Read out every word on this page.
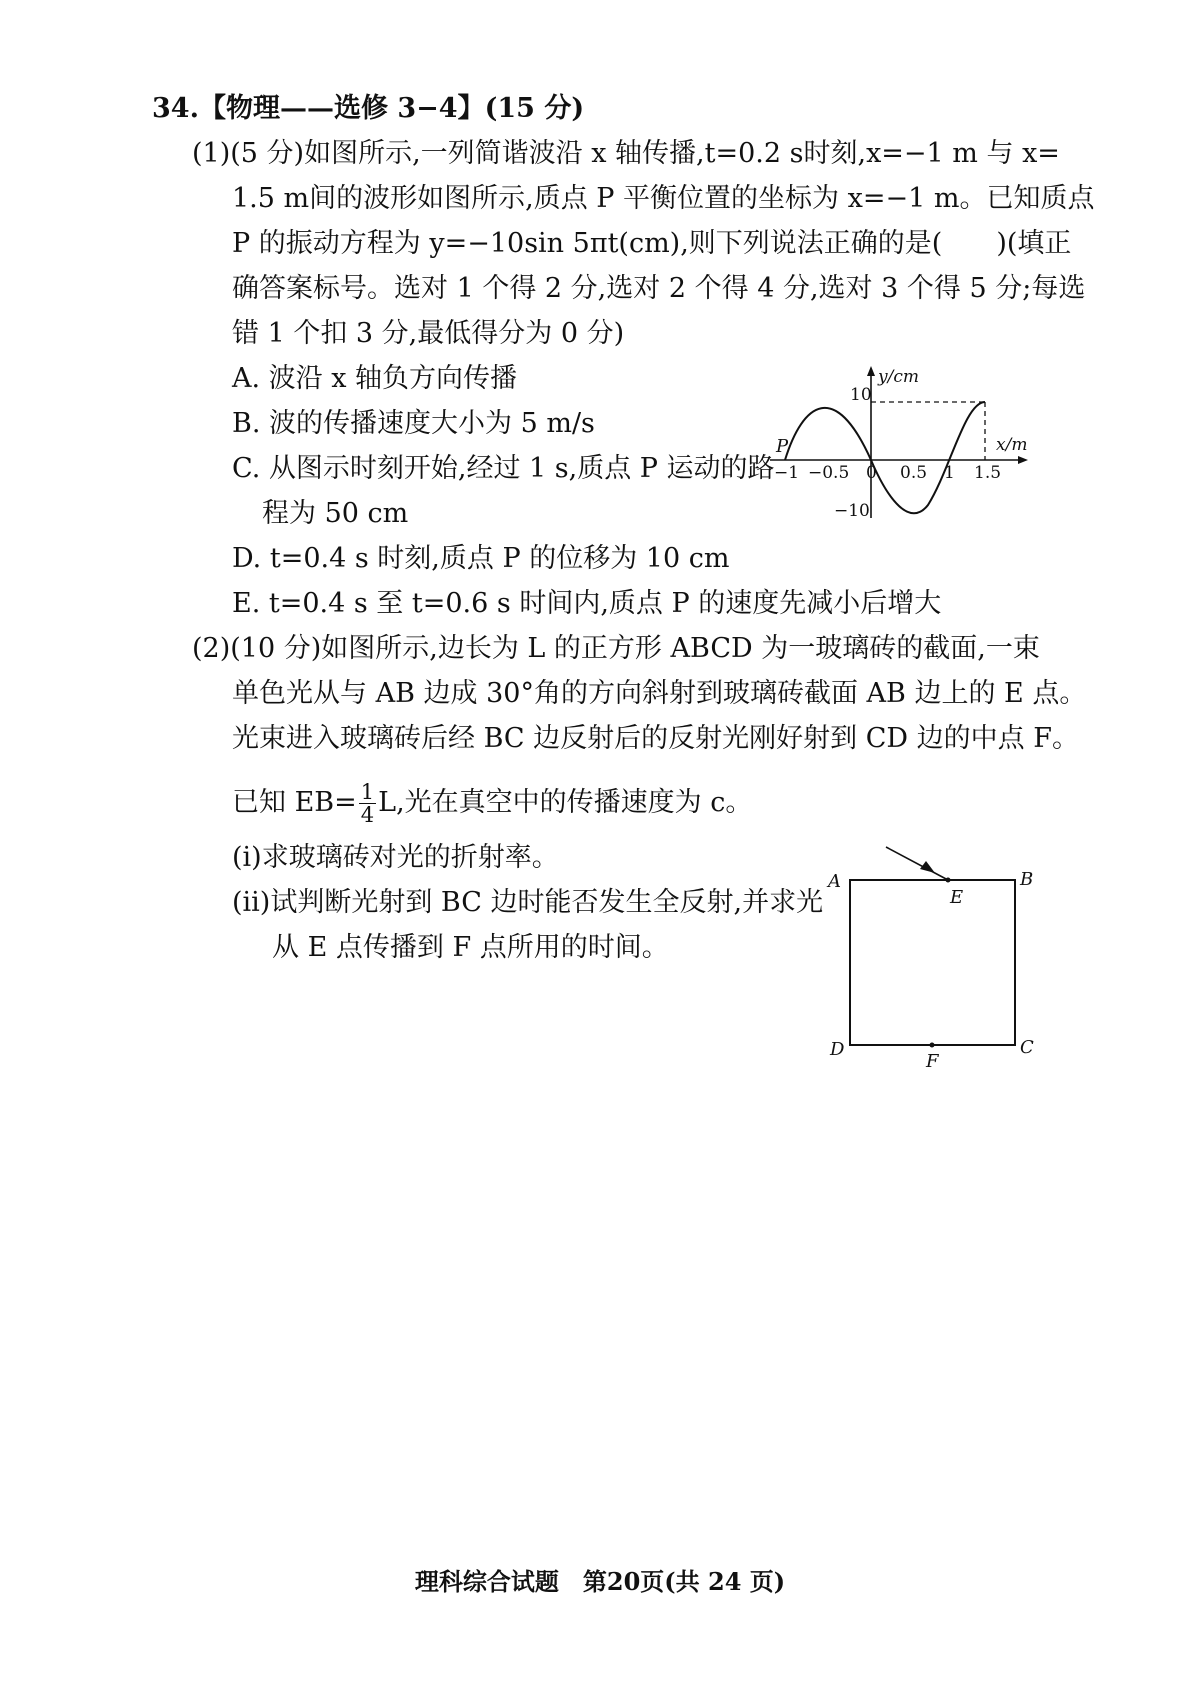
34.【物理——选修 3−4】(15 分)
(1)(5 分)如图所示,一列简谐波沿 x 轴传播,t=0.2 s时刻,x=−1 m 与 x=
1.5 m间的波形如图所示,质点 P 平衡位置的坐标为 x=−1 m。已知质点
P 的振动方程为 y=−10sin 5πt(cm),则下列说法正确的是(　　)(填正
确答案标号。选对 1 个得 2 分,选对 2 个得 4 分,选对 3 个得 5 分;每选
错 1 个扣 3 分,最低得分为 0 分)
A. 波沿 x 轴负方向传播
B. 波的传播速度大小为 5 m/s
C. 从图示时刻开始,经过 1 s,质点 P 运动的路
程为 50 cm
D. t=0.4 s 时刻,质点 P 的位移为 10 cm
E. t=0.4 s 至 t=0.6 s 时间内,质点 P 的速度先减小后增大
y/cm
x/m
10
−10
−1 −0.5 0 0.5 1 1.5
P
(2)(10 分)如图所示,边长为 L 的正方形 ABCD 为一玻璃砖的截面,一束
单色光从与 AB 边成 30°角的方向斜射到玻璃砖截面 AB 边上的 E 点。
光束进入玻璃砖后经 BC 边反射后的反射光刚好射到 CD 边的中点 F。
已知 $EB= \frac{1}{4} L$,光在真空中的传播速度为 c。
(ⅰ)求玻璃砖对光的折射率。
(ⅱ)试判断光射到 BC 边时能否发生全反射,并求光
从 E 点传播到 F 点所用的时间。
A	B
E
D	C
F
理科综合试题　第20页(共 24 页)
